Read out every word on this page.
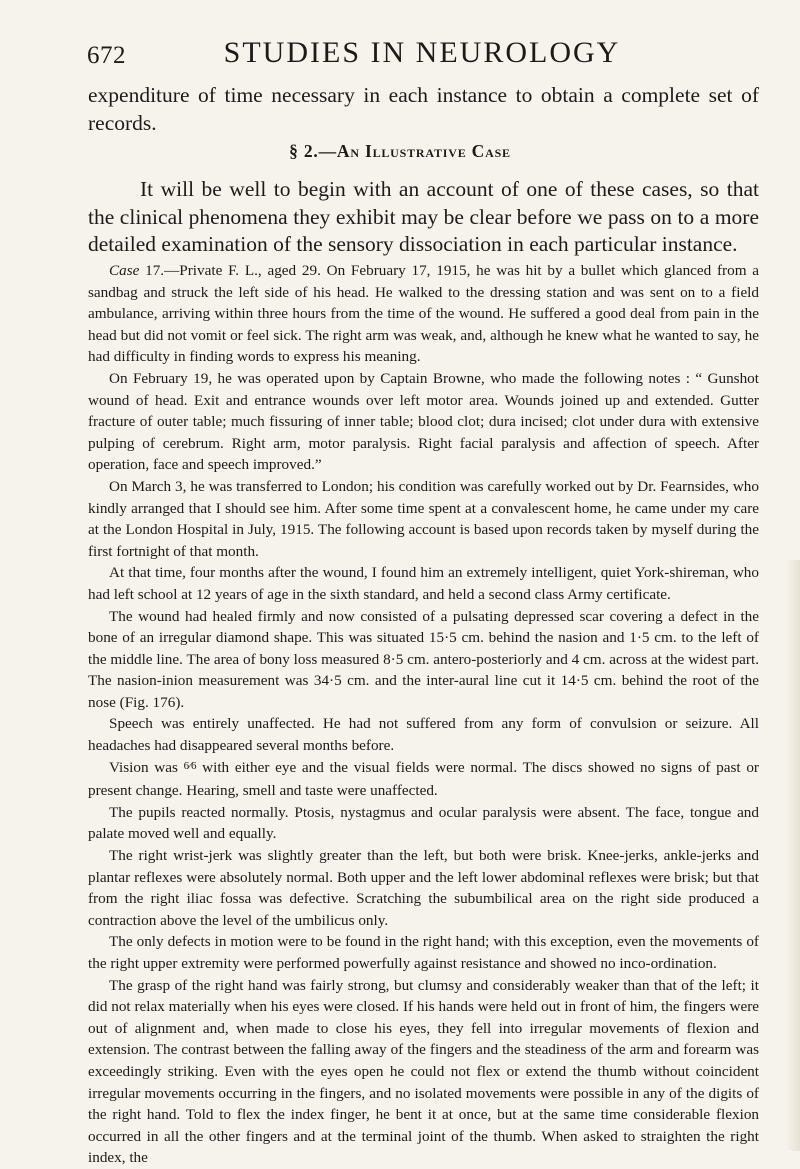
672	STUDIES IN NEUROLOGY

expenditure of time necessary in each instance to obtain a complete set of records.

§ 2.—An Illustrative Case

It will be well to begin with an account of one of these cases, so that the clinical phenomena they exhibit may be clear before we pass on to a more detailed examination of the sensory dissociation in each particular instance.

Case 17.—Private F. L., aged 29. On February 17, 1915, he was hit by a bullet which glanced from a sandbag and struck the left side of his head. He walked to the dressing station and was sent on to a field ambulance, arriving within three hours from the time of the wound. He suffered a good deal from pain in the head but did not vomit or feel sick. The right arm was weak, and, although he knew what he wanted to say, he had difficulty in finding words to express his meaning.

On February 19, he was operated upon by Captain Browne, who made the following notes : “ Gunshot wound of head. Exit and entrance wounds over left motor area. Wounds joined up and extended. Gutter fracture of outer table; much fissuring of inner table; blood clot; dura incised; clot under dura with extensive pulping of cerebrum. Right arm, motor paralysis. Right facial paralysis and affection of speech. After operation, face and speech improved.”

On March 3, he was transferred to London; his condition was carefully worked out by Dr. Fearnsides, who kindly arranged that I should see him. After some time spent at a convalescent home, he came under my care at the London Hospital in July, 1915. The following account is based upon records taken by myself during the first fortnight of that month.

At that time, four months after the wound, I found him an extremely intelligent, quiet York-shireman, who had left school at 12 years of age in the sixth standard, and held a second class Army certificate.

The wound had healed firmly and now consisted of a pulsating depressed scar covering a defect in the bone of an irregular diamond shape. This was situated 15·5 cm. behind the nasion and 1·5 cm. to the left of the middle line. The area of bony loss measured 8·5 cm. antero-posteriorly and 4 cm. across at the widest part. The nasion-inion measurement was 34·5 cm. and the inter-aural line cut it 14·5 cm. behind the root of the nose (Fig. 176).

Speech was entirely unaffected. He had not suffered from any form of convulsion or seizure. All headaches had disappeared several months before.

Vision was 6⁄6 with either eye and the visual fields were normal. The discs showed no signs of past or present change. Hearing, smell and taste were unaffected.

The pupils reacted normally. Ptosis, nystagmus and ocular paralysis were absent. The face, tongue and palate moved well and equally.

The right wrist-jerk was slightly greater than the left, but both were brisk. Knee-jerks, ankle-jerks and plantar reflexes were absolutely normal. Both upper and the left lower abdominal reflexes were brisk; but that from the right iliac fossa was defective. Scratching the subumbilical area on the right side produced a contraction above the level of the umbilicus only.

The only defects in motion were to be found in the right hand; with this exception, even the movements of the right upper extremity were performed powerfully against resistance and showed no inco-ordination.

The grasp of the right hand was fairly strong, but clumsy and considerably weaker than that of the left; it did not relax materially when his eyes were closed. If his hands were held out in front of him, the fingers were out of alignment and, when made to close his eyes, they fell into irregular movements of flexion and extension. The contrast between the falling away of the fingers and the steadiness of the arm and forearm was exceedingly striking. Even with the eyes open he could not flex or extend the thumb without coincident irregular movements occurring in the fingers, and no isolated movements were possible in any of the digits of the right hand. Told to flex the index finger, he bent it at once, but at the same time considerable flexion occurred in all the other fingers and at the terminal joint of the thumb. When asked to straighten the right index, the
